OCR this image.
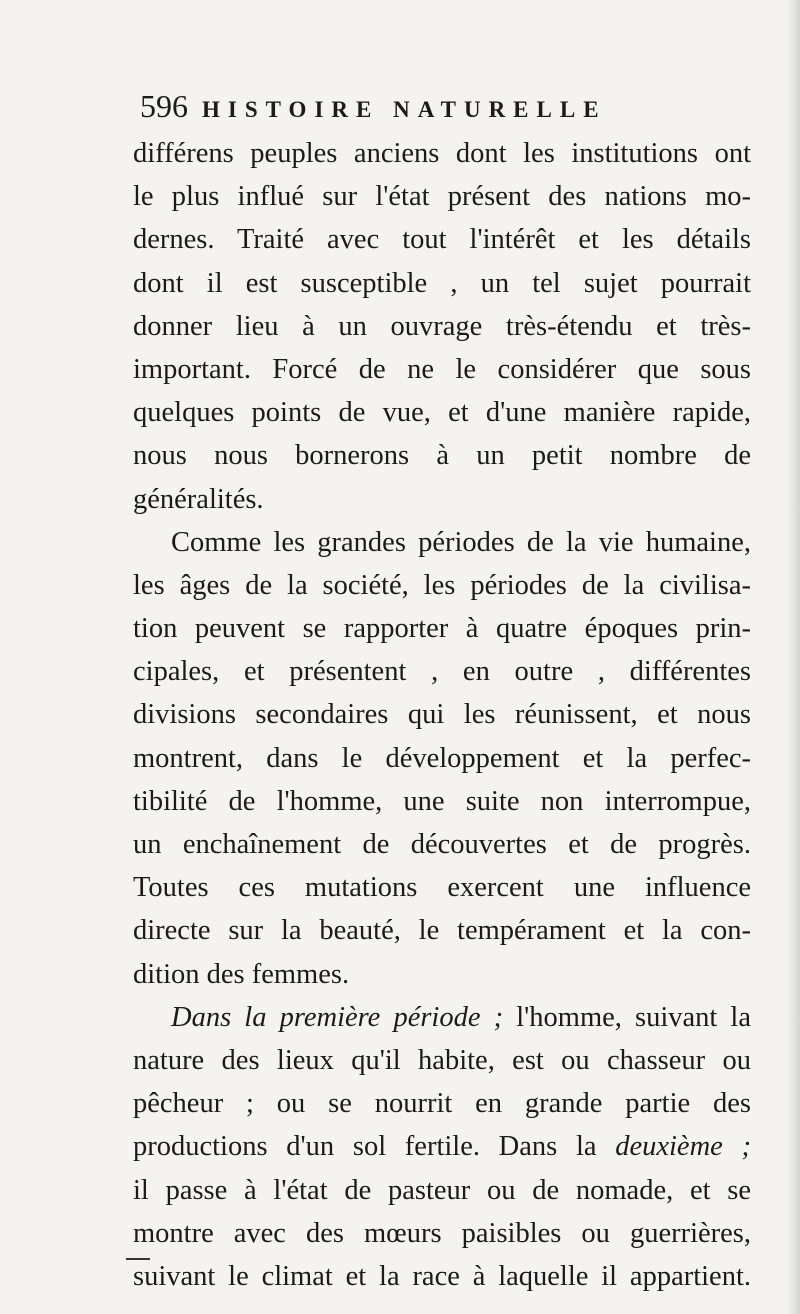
596 HISTOIRE NATURELLE
différens peuples anciens dont les institutions ont
le plus influé sur l'état présent des nations mo-
dernes. Traité avec tout l'intérêt et les détails
dont il est susceptible , un tel sujet pourrait
donner lieu à un ouvrage très-étendu et très-
important. Forcé de ne le considérer que sous
quelques points de vue, et d'une manière rapide,
nous nous bornerons à un petit nombre de
généralités.
Comme les grandes périodes de la vie humaine,
les âges de la société, les périodes de la civilisa-
tion peuvent se rapporter à quatre époques prin-
cipales, et présentent , en outre , différentes
divisions secondaires qui les réunissent, et nous
montrent, dans le développement et la perfec-
tibilité de l'homme, une suite non interrompue,
un enchaînement de découvertes et de progrès.
Toutes ces mutations exercent une influence
directe sur la beauté, le tempérament et la con-
dition des femmes.
Dans la première période ; l'homme, suivant la
nature des lieux qu'il habite, est ou chasseur ou
pêcheur ; ou se nourrit en grande partie des
productions d'un sol fertile. Dans la deuxième ;
il passe à l'état de pasteur ou de nomade, et se
montre avec des mœurs paisibles ou guerrières,
suivant le climat et la race à laquelle il appartient.
